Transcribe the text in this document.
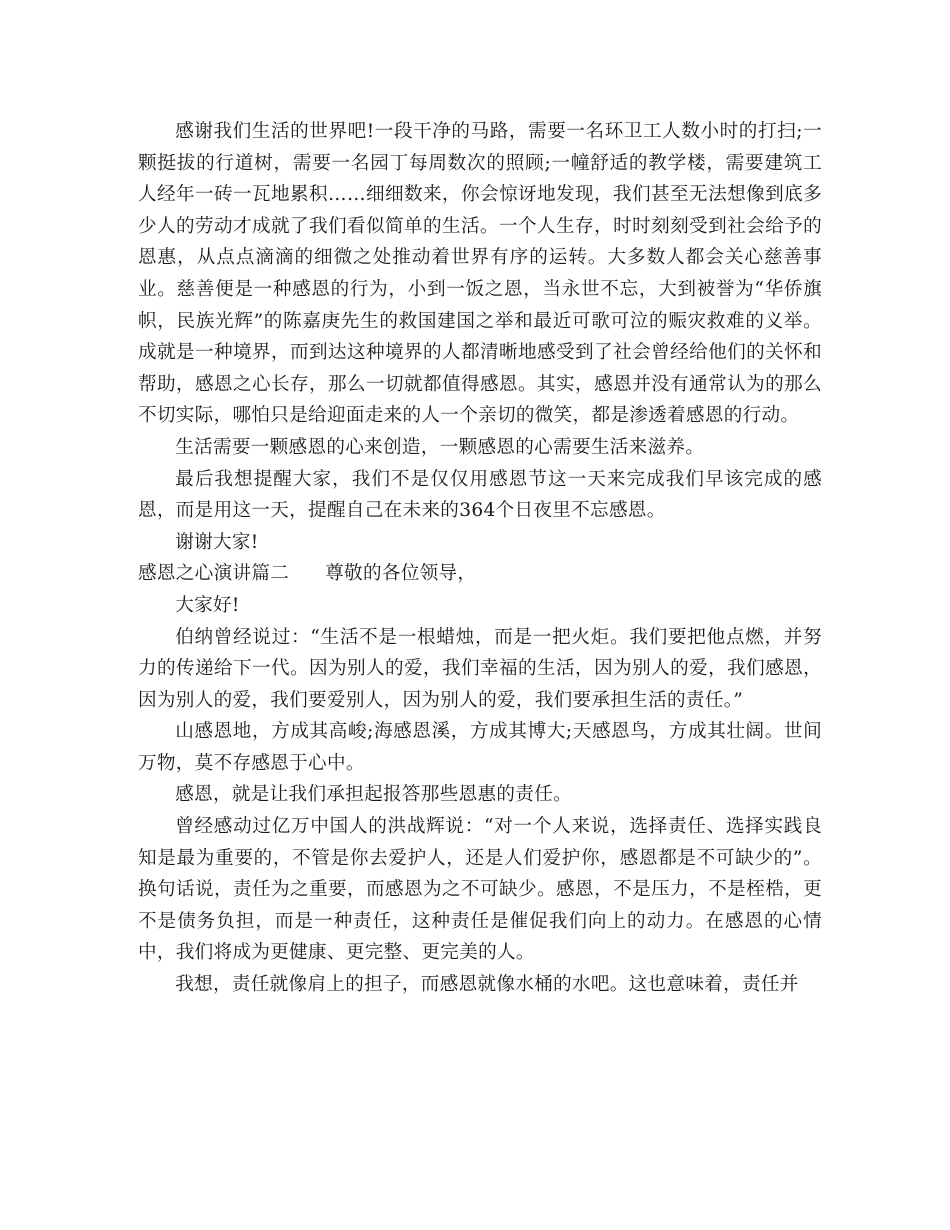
感谢我们生活的世界吧!一段干净的马路，需要一名环卫工人数小时的打扫;一颗挺拔的行道树，需要一名园丁每周数次的照顾;一幢舒适的教学楼，需要建筑工人经年一砖一瓦地累积……细细数来，你会惊讶地发现，我们甚至无法想像到底多少人的劳动才成就了我们看似简单的生活。一个人生存，时时刻刻受到社会给予的恩惠，从点点滴滴的细微之处推动着世界有序的运转。大多数人都会关心慈善事业。慈善便是一种感恩的行为，小到一饭之恩，当永世不忘，大到被誉为“华侨旗帜，民族光辉”的陈嘉庚先生的救国建国之举和最近可歌可泣的赈灾救难的义举。成就是一种境界，而到达这种境界的人都清晰地感受到了社会曾经给他们的关怀和帮助，感恩之心长存，那么一切就都值得感恩。其实，感恩并没有通常认为的那么不切实际，哪怕只是给迎面走来的人一个亲切的微笑，都是渗透着感恩的行动。

生活需要一颗感恩的心来创造，一颗感恩的心需要生活来滋养。

最后我想提醒大家，我们不是仅仅用感恩节这一天来完成我们早该完成的感恩，而是用这一天，提醒自己在未来的364个日夜里不忘感恩。

谢谢大家!

感恩之心演讲篇二 尊敬的各位领导，

大家好!

伯纳曾经说过：“生活不是一根蜡烛，而是一把火炬。我们要把他点燃，并努力的传递给下一代。因为别人的爱，我们幸福的生活，因为别人的爱，我们感恩，因为别人的爱，我们要爱别人，因为别人的爱，我们要承担生活的责任。”

山感恩地，方成其高峻;海感恩溪，方成其博大;天感恩鸟，方成其壮阔。世间万物，莫不存感恩于心中。

感恩，就是让我们承担起报答那些恩惠的责任。

曾经感动过亿万中国人的洪战辉说：“对一个人来说，选择责任、选择实践良知是最为重要的，不管是你去爱护人，还是人们爱护你，感恩都是不可缺少的”。换句话说，责任为之重要，而感恩为之不可缺少。感恩，不是压力，不是桎梏，更不是债务负担，而是一种责任，这种责任是催促我们向上的动力。在感恩的心情中，我们将成为更健康、更完整、更完美的人。

我想，责任就像肩上的担子，而感恩就像水桶的水吧。这也意味着，责任并
